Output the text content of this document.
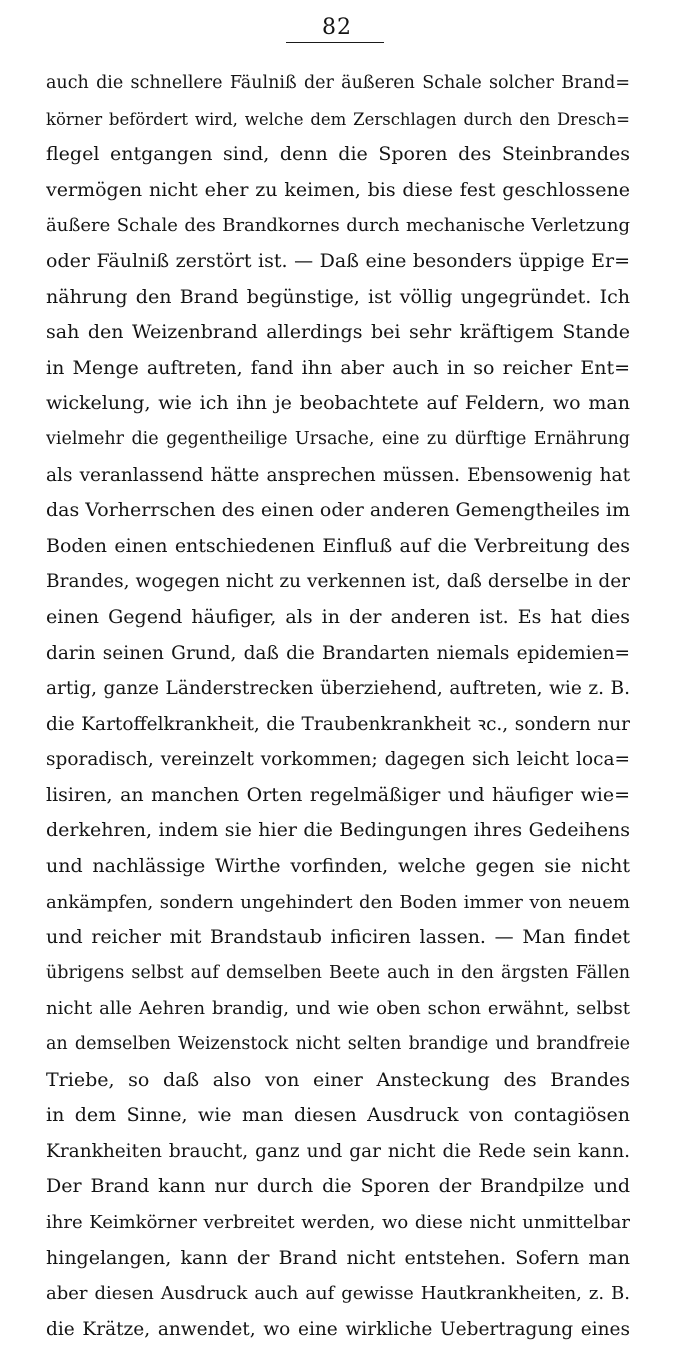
82
auch die schnellere Fäulniß der äußeren Schale solcher Brand=
körner befördert wird, welche dem Zerschlagen durch den Dresch=
flegel entgangen sind, denn die Sporen des Steinbrandes
vermögen nicht eher zu keimen, bis diese fest geschlossene
äußere Schale des Brandkornes durch mechanische Verletzung
oder Fäulniß zerstört ist. — Daß eine besonders üppige Er=
nährung den Brand begünstige, ist völlig ungegründet. Ich
sah den Weizenbrand allerdings bei sehr kräftigem Stande
in Menge auftreten, fand ihn aber auch in so reicher Ent=
wickelung, wie ich ihn je beobachtete auf Feldern, wo man
vielmehr die gegentheilige Ursache, eine zu dürftige Ernährung
als veranlassend hätte ansprechen müssen. Ebensowenig hat
das Vorherrschen des einen oder anderen Gemengtheiles im
Boden einen entschiedenen Einfluß auf die Verbreitung des
Brandes, wogegen nicht zu verkennen ist, daß derselbe in der
einen Gegend häufiger, als in der anderen ist. Es hat dies
darin seinen Grund, daß die Brandarten niemals epidemien=
artig, ganze Länderstrecken überziehend, auftreten, wie z. B.
die Kartoffelkrankheit, die Traubenkrankheit ꝛc., sondern nur
sporadisch, vereinzelt vorkommen; dagegen sich leicht loca=
lisiren, an manchen Orten regelmäßiger und häufiger wie=
derkehren, indem sie hier die Bedingungen ihres Gedeihens
und nachlässige Wirthe vorfinden, welche gegen sie nicht
ankämpfen, sondern ungehindert den Boden immer von neuem
und reicher mit Brandstaub inficiren lassen. — Man findet
übrigens selbst auf demselben Beete auch in den ärgsten Fällen
nicht alle Aehren brandig, und wie oben schon erwähnt, selbst
an demselben Weizenstock nicht selten brandige und brandfreie
Triebe, so daß also von einer Ansteckung des Brandes
in dem Sinne, wie man diesen Ausdruck von contagiösen
Krankheiten braucht, ganz und gar nicht die Rede sein kann.
Der Brand kann nur durch die Sporen der Brandpilze und
ihre Keimkörner verbreitet werden, wo diese nicht unmittelbar
hingelangen, kann der Brand nicht entstehen. Sofern man
aber diesen Ausdruck auch auf gewisse Hautkrankheiten, z. B.
die Krätze, anwendet, wo eine wirkliche Uebertragung eines
